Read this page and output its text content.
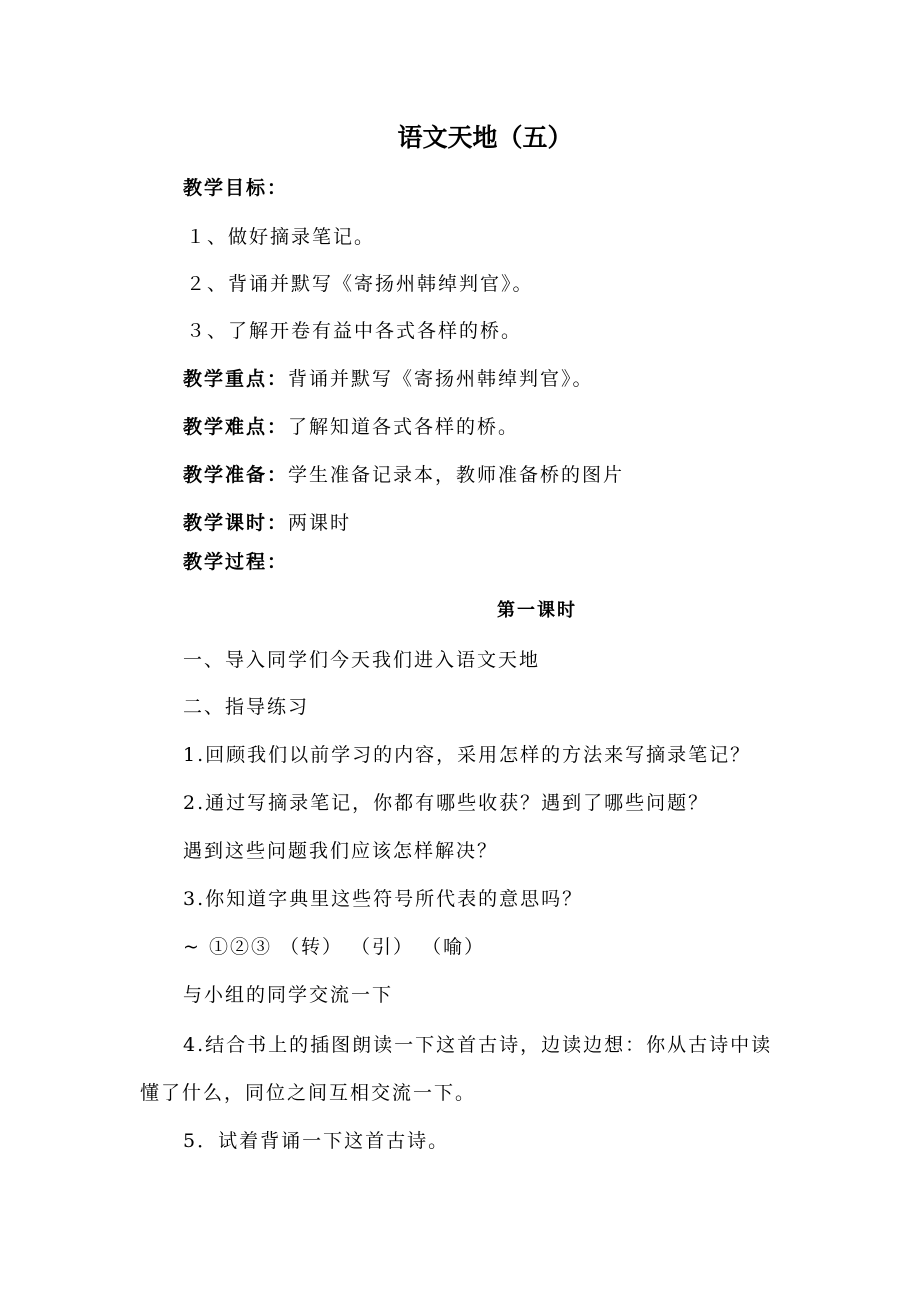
语文天地（五）
教学目标：
１、做好摘录笔记。
２、背诵并默写《寄扬州韩绰判官》。
３、了解开卷有益中各式各样的桥。
教学重点：背诵并默写《寄扬州韩绰判官》。
教学难点：了解知道各式各样的桥。
教学准备：学生准备记录本，教师准备桥的图片
教学课时：两课时
教学过程：
第一课时
一、导入同学们今天我们进入语文天地
二、指导练习
1.回顾我们以前学习的内容，采用怎样的方法来写摘录笔记？
2.通过写摘录笔记，你都有哪些收获？遇到了哪些问题？
遇到这些问题我们应该怎样解决？
3.你知道字典里这些符号所代表的意思吗？
~ ①②③ （转） （引） （喻）
与小组的同学交流一下
4.结合书上的插图朗读一下这首古诗，边读边想：你从古诗中读
懂了什么，同位之间互相交流一下。
5．试着背诵一下这首古诗。
